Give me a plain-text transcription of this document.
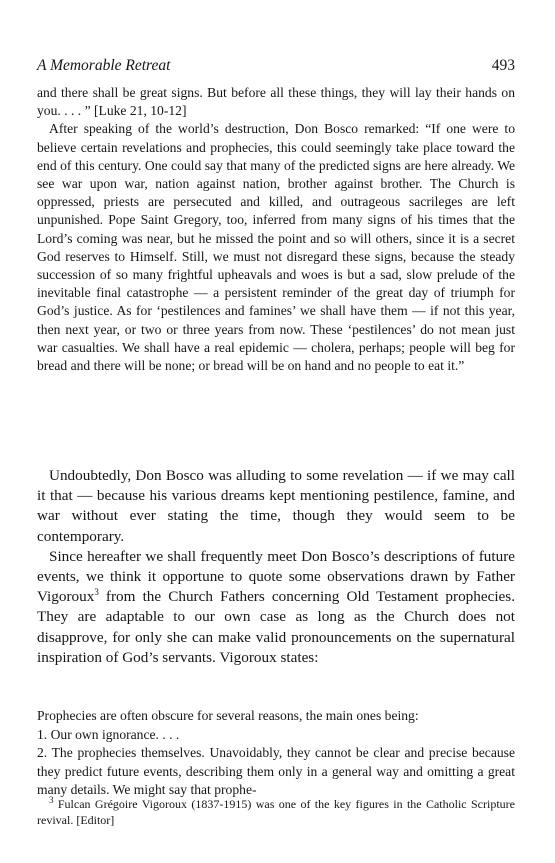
A Memorable Retreat	493

and there shall be great signs. But before all these things, they will lay their hands on you. . . . ” [Luke 21, 10-12]

After speaking of the world’s destruction, Don Bosco remarked: “If one were to believe certain revelations and prophecies, this could seemingly take place toward the end of this century. One could say that many of the predicted signs are here already. We see war upon war, nation against nation, brother against brother. The Church is oppressed, priests are persecuted and killed, and outrageous sacrileges are left unpunished. Pope Saint Gregory, too, inferred from many signs of his times that the Lord’s coming was near, but he missed the point and so will others, since it is a secret God reserves to Himself. Still, we must not disregard these signs, because the steady succession of so many frightful upheavals and woes is but a sad, slow prelude of the inevitable final catastrophe — a persistent reminder of the great day of triumph for God’s justice. As for ‘pestilences and famines’ we shall have them — if not this year, then next year, or two or three years from now. These ‘pestilences’ do not mean just war casualties. We shall have a real epidemic — cholera, perhaps; people will beg for bread and there will be none; or bread will be on hand and no people to eat it.”

Undoubtedly, Don Bosco was alluding to some revelation — if we may call it that — because his various dreams kept mentioning pestilence, famine, and war without ever stating the time, though they would seem to be contemporary.

Since hereafter we shall frequently meet Don Bosco’s descriptions of future events, we think it opportune to quote some observations drawn by Father Vigoroux$^3$ from the Church Fathers concerning Old Testament prophecies. They are adaptable to our own case as long as the Church does not disapprove, for only she can make valid pronouncements on the supernatural inspiration of God’s servants. Vigoroux states:

Prophecies are often obscure for several reasons, the main ones being:

1. Our own ignorance. . . .

2. The prophecies themselves. Unavoidably, they cannot be clear and precise because they predict future events, describing them only in a general way and omitting a great many details. We might say that prophe-

$^3$ Fulcan Grégoire Vigoroux (1837-1915) was one of the key figures in the Catholic Scripture revival. [Editor]
